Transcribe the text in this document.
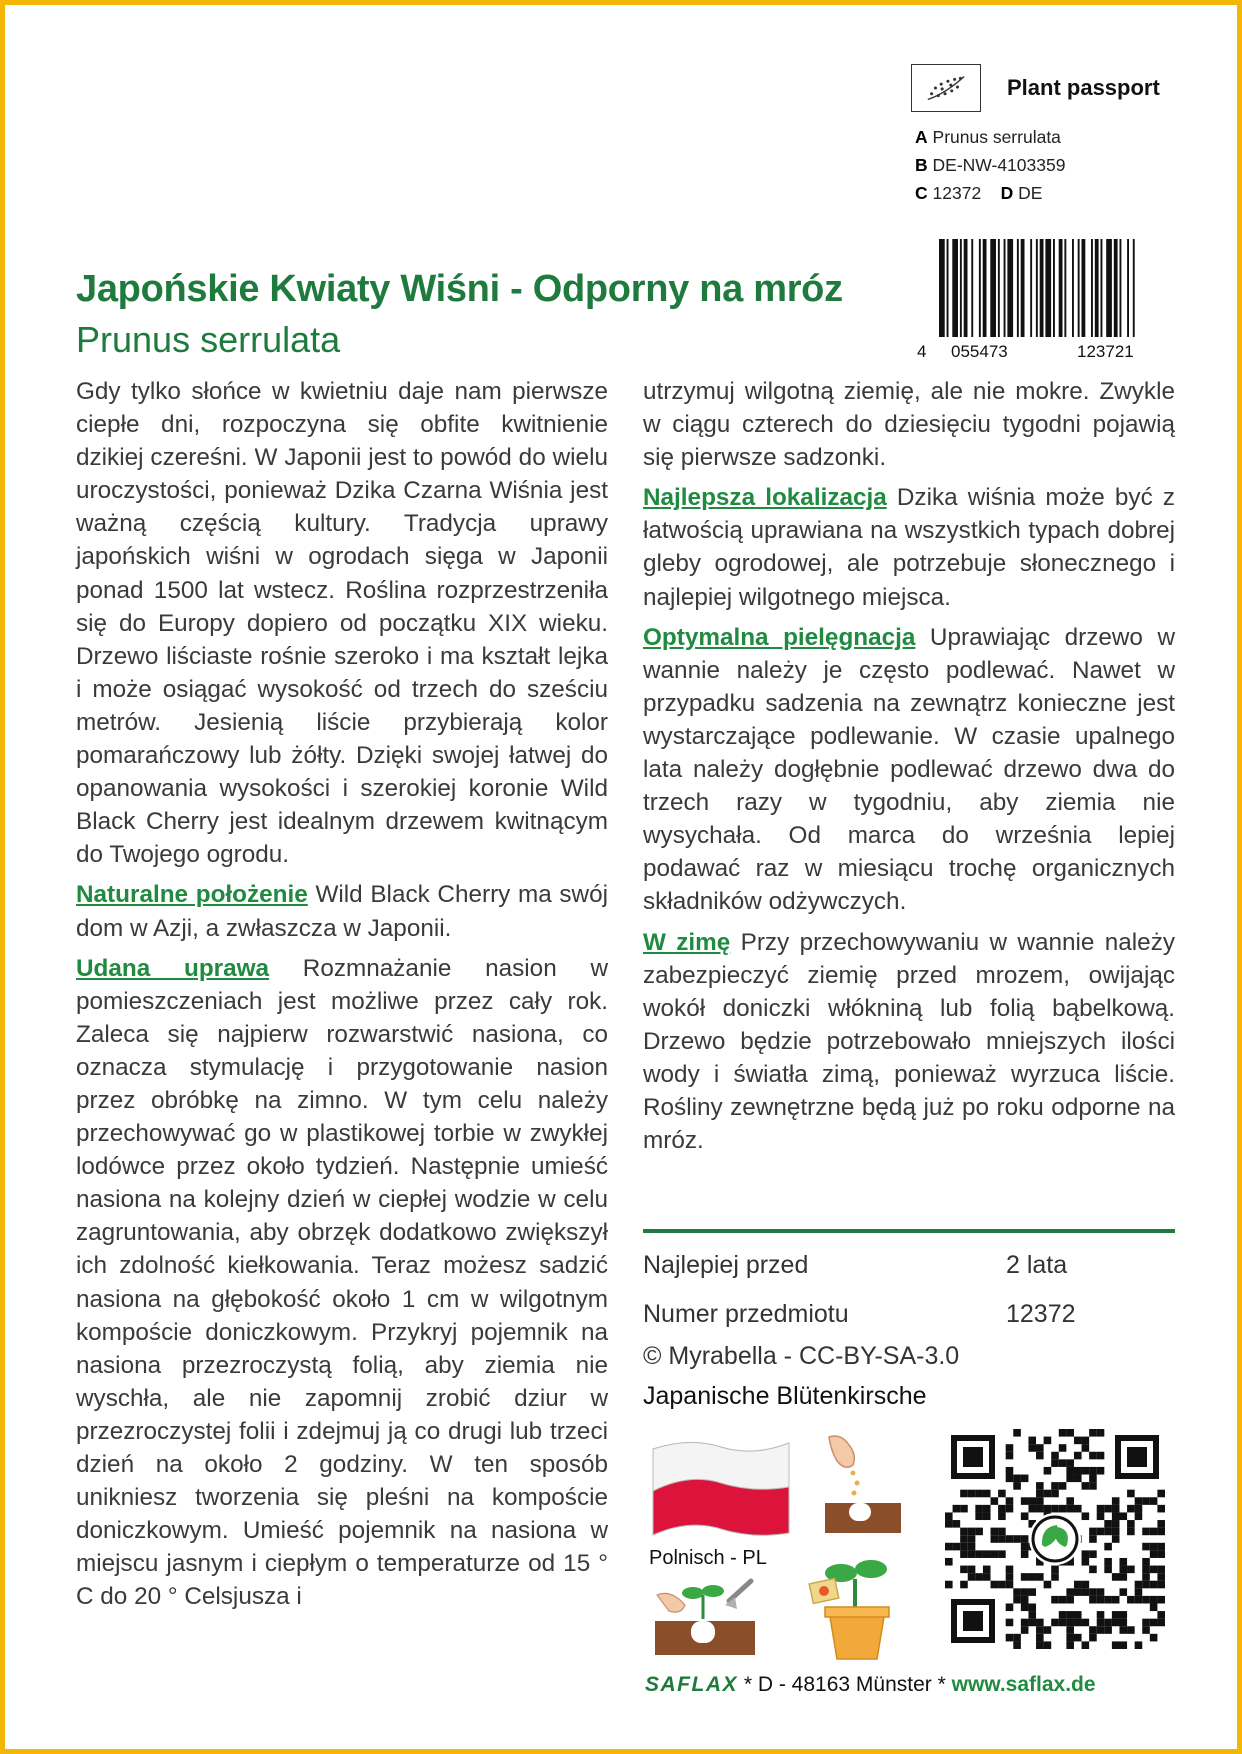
Plant passport
A Prunus serrulata
B DE-NW-4103359
C 12372 D DE
4 055473	123721
Japońskie Kwiaty Wiśni - Odporny na mróz
Prunus serrulata

Gdy tylko słońce w kwietniu daje nam pierwsze ciepłe dni, rozpoczyna się obfite kwitnienie dzikiej czereśni. W Japonii jest to powód do wielu uroczystości, ponieważ Dzika Czarna Wiśnia jest ważną częścią kultury. Tradycja uprawy japońskich wiśni w ogrodach sięga w Japonii ponad 1500 lat wstecz. Roślina rozprzestrzeniła się do Europy dopiero od początku XIX wieku. Drzewo liściaste rośnie szeroko i ma kształt lejka i może osiągać wysokość od trzech do sześciu metrów. Jesienią liście przybierają kolor pomarańczowy lub żółty. Dzięki swojej łatwej do opanowania wysokości i szerokiej koronie Wild Black Cherry jest idealnym drzewem kwitnącym do Twojego ogrodu.

Naturalne położenie Wild Black Cherry ma swój dom w Azji, a zwłaszcza w Japonii.

Udana uprawa Rozmnażanie nasion w pomieszczeniach jest możliwe przez cały rok. Zaleca się najpierw rozwarstwić nasiona, co oznacza stymulację i przygotowanie nasion przez obróbkę na zimno. W tym celu należy przechowywać go w plastikowej torbie w zwykłej lodówce przez około tydzień. Następnie umieść nasiona na kolejny dzień w ciepłej wodzie w celu zagruntowania, aby obrzęk dodatkowo zwiększył ich zdolność kiełkowania. Teraz możesz sadzić nasiona na głębokość około 1 cm w wilgotnym kompoście doniczkowym. Przykryj pojemnik na nasiona przezroczystą folią, aby ziemia nie wyschła, ale nie zapomnij zrobić dziur w przezroczystej folii i zdejmuj ją co drugi lub trzeci dzień na około 2 godziny. W ten sposób unikniesz tworzenia się pleśni na kompoście doniczkowym. Umieść pojemnik na nasiona w miejscu jasnym i ciepłym o temperaturze od 15 ° C do 20 ° Celsjusza i

utrzymuj wilgotną ziemię, ale nie mokre. Zwykle w ciągu czterech do dziesięciu tygodni pojawią się pierwsze sadzonki.

Najlepsza lokalizacja Dzika wiśnia może być z łatwością uprawiana na wszystkich typach dobrej gleby ogrodowej, ale potrzebuje słonecznego i najlepiej wilgotnego miejsca.

Optymalna pielęgnacja Uprawiając drzewo w wannie należy je często podlewać. Nawet w przypadku sadzenia na zewnątrz konieczne jest wystarczające podlewanie. W czasie upalnego lata należy dogłębnie podlewać drzewo dwa do trzech razy w tygodniu, aby ziemia nie wysychała. Od marca do września lepiej podawać raz w miesiącu trochę organicznych składników odżywczych.

W zimę Przy przechowywaniu w wannie należy zabezpieczyć ziemię przed mrozem, owijając wokół doniczki włókniną lub folią bąbelkową. Drzewo będzie potrzebowało mniejszych ilości wody i światła zimą, ponieważ wyrzuca liście. Rośliny zewnętrzne będą już po roku odporne na mróz.

Najlepiej przed	2 lata
Numer przedmiotu	12372
© Myrabella - CC-BY-SA-3.0
Japanische Blütenkirsche
Polnisch - PL
SAFLAX * D - 48163 Münster * www.saflax.de
